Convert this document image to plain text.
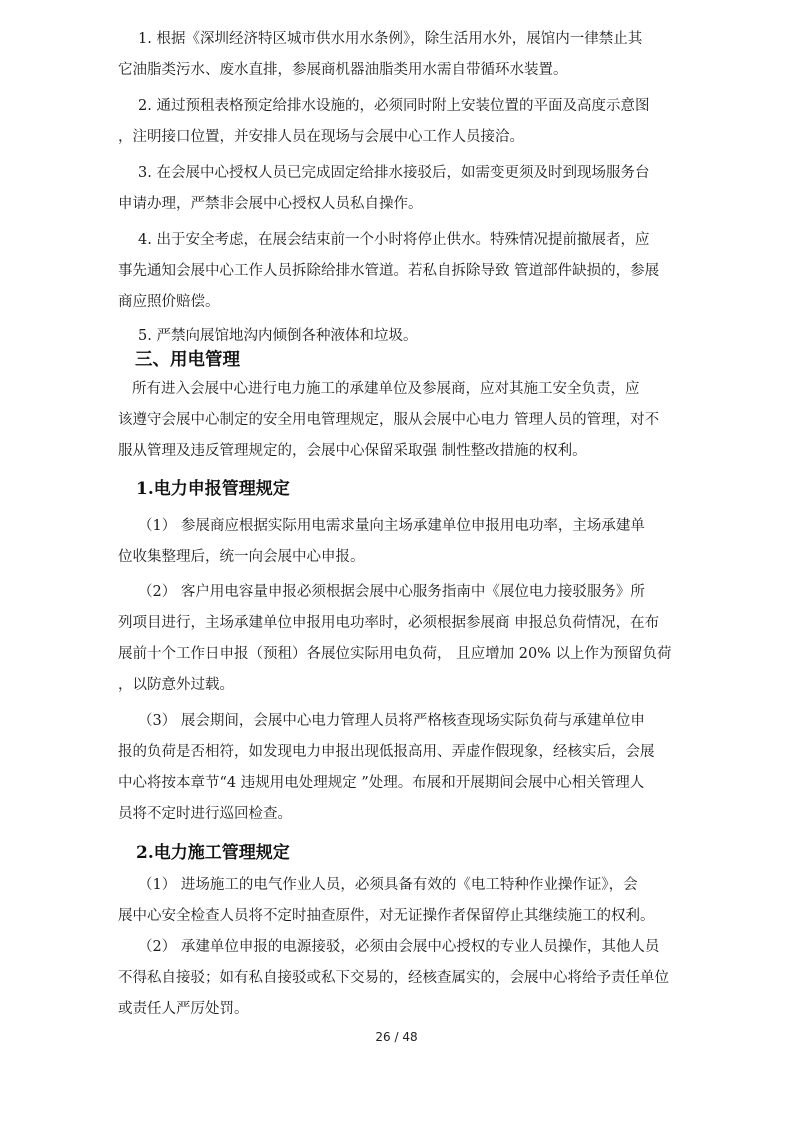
1. 根据《深圳经济特区城市供水用水条例》，除生活用水外，展馆内一律禁止其
它油脂类污水、废水直排，参展商机器油脂类用水需自带循环水装置。

2. 通过预租表格预定给排水设施的，必须同时附上安装位置的平面及高度示意图
，注明接口位置，并安排人员在现场与会展中心工作人员接洽。

3. 在会展中心授权人员已完成固定给排水接驳后，如需变更须及时到现场服务台
申请办理，严禁非会展中心授权人员私自操作。

4. 出于安全考虑，在展会结束前一个小时将停止供水。特殊情况提前撤展者，应
事先通知会展中心工作人员拆除给排水管道。若私自拆除导致 管道部件缺损的，参展
商应照价赔偿。

5. 严禁向展馆地沟内倾倒各种液体和垃圾。

三、用电管理

所有进入会展中心进行电力施工的承建单位及参展商，应对其施工安全负责，应
该遵守会展中心制定的安全用电管理规定，服从会展中心电力 管理人员的管理，对不
服从管理及违反管理规定的，会展中心保留采取强 制性整改措施的权利。

1.电力申报管理规定

（1） 参展商应根据实际用电需求量向主场承建单位申报用电功率，主场承建单
位收集整理后，统一向会展中心申报。

（2） 客户用电容量申报必须根据会展中心服务指南中《展位电力接驳服务》所
列项目进行，主场承建单位申报用电功率时，必须根据参展商 申报总负荷情况，在布
展前十个工作日申报（预租）各展位实际用电负荷， 且应增加 20% 以上作为预留负荷
，以防意外过载。

（3） 展会期间，会展中心电力管理人员将严格核查现场实际负荷与承建单位申
报的负荷是否相符，如发现电力申报出现低报高用、弄虚作假现象，经核实后，会展
中心将按本章节“4 违规用电处理规定 ”处理。布展和开展期间会展中心相关管理人
员将不定时进行巡回检查。

2.电力施工管理规定

（1） 进场施工的电气作业人员，必须具备有效的《电工特种作业操作证》，会
展中心安全检查人员将不定时抽查原件，对无证操作者保留停止其继续施工的权利。

（2） 承建单位申报的电源接驳，必须由会展中心授权的专业人员操作，其他人员
不得私自接驳；如有私自接驳或私下交易的，经核查属实的，会展中心将给予责任单位
或责任人严厉处罚。

26 / 48
